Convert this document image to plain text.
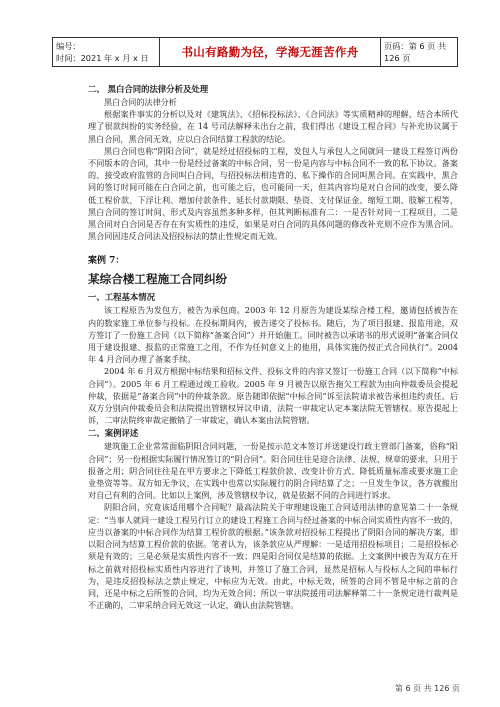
编号：
时间：2021 年 x 月 x 日	书山有路勤为径，学海无涯苦作舟	页码：第 6 页 共 126 页

二、 黑白合同的法律分析及处理

黑白合同的法律分析

根据案件事实的分析以及对《建筑法》、《招标投标法》、《合同法》等实质精神的理解，结合本所代理了很款纠纷的实务经验，在 14 号司法解释未出台之前，我们得出《建设工程合同》与补充协议属于黑白合同，黑合同无效，应以白合同结算工程款的结论。

黑白合同也称“阴阳合同”，就是经过招投标的工程，发包人与承包人之间就同一建设工程签订两份不同版本的合同，其中一份是经过备案的中标合同，另一份是内容与中标合同不一致的私下协议。备案的、接受政府监管的合同叫白合同，与招投标法相违背的、私下操作的合同叫黑合同。在实践中，黑合同的签订时间可能在白合同之前，也可能之后，也可能同一天，但其内容均是对白合同的改变，要么降低工程价款、下浮让利、增加付款条件、延长付款期限、垫资、支付保证金、缩短工期、肢解工程等，黑白合同的签订时间、形式及内容虽然多种多样，但其判断标准有二：一是否针对同一工程项目，二是黑合同对白合同是否存在有实质性的违反，如果是对白合同的具体问题的修改补充则不应作为黑合同。黑合同因违反合同法及招投标法的禁止性规定而无效。

案例 7：

某综合楼工程施工合同纠纷

一、工程基本情况

该工程原告为发包方，被告为承包商。2003 年 12 月原告为建设某综合楼工程，邀请包括被告在内的数家施工单位参与投标。在投标期间内，被告递交了投标书。随后，为了项目报建、报监用途，双方签订了一份施工合同（以下简称“备案合同”）并开始施工。同时被告以承诺书的形式说明“备案合同仅用于建设报建、报监的正常施工之用，不作为任何意义上的他用，具体实施仍按正式合同执行”。2004 年 4 月合同办理了备案手续。

2004 年 6 月双方根据中标结果和招标文件、投标文件的内容又签订一份施工合同（以下简称“中标合同”）。2005 年 6 月工程通过竣工验收。2005 年 9 月被告以原告拖欠工程款为由向仲裁委员会提起仲裁，依据是“备案合同”中的仲裁条款。原告随即依据“中标合同”诉至法院请求被告承担违约责任。后双方分别向仲裁委员会和法院提出管辖权异议申请，法院一审裁定认定本案法院无管辖权。原告提起上诉，二审法院终审裁定撤销了一审裁定，确认本案由法院管辖。

二、案例评述

建筑施工企业常常面临阴阳合同问题，一份是按示范文本签订并送建设行政主管部门备案，俗称“阳合同”；另一份根据实际履行情况签订的“阴合同”。阳合同往往是迎合法律、法规、规章的要求，只用于报备之用；阴合同往往是在甲方要求之下降低工程款价款、改变计价方式、降低质量标准或要求施工企业垫资等等。双方如无争议，在实践中也常以实际履行的阴合同结算了之；一旦发生争议，各方就搬出对自己有利的合同。比如以上案例，涉及管辖权争议，就是依据不同的合同进行诉求。

阴阳合同，究竟该适用哪个合同呢？最高法院关于审理建设施工合同适用法律的意见第二十一条规定：“当事人就同一建设工程另行订立的建设工程施工合同与经过备案的中标合同实质性内容不一致的，应当以备案的中标合同作为结算工程价款的根据。”该条款对招投标工程提出了阴阳合同的解决方案，即以阳合同为结算工程价款的依据。笔者认为，该条款应从严理解：一是适用招投标项目；二是招投标必须是有效的；三是必须是实质性内容不一致；四是阳合同仅是结算的依据。上文案例中被告为双方在开标之前就对招投标实质性内容进行了谈判，并签订了施工合同，显然是招标人与投标人之间的串标行为，是违反招投标法之禁止规定，中标应为无效。由此，中标无效，所签的合同不管是中标之前的合同，还是中标之后所签的合同，均为无效合同；所以一审法院援用司法解释第二十一条规定进行裁判是不正确的，二审采纳合同无效这一认定，确认由法院管辖。

第 6 页 共 126 页
